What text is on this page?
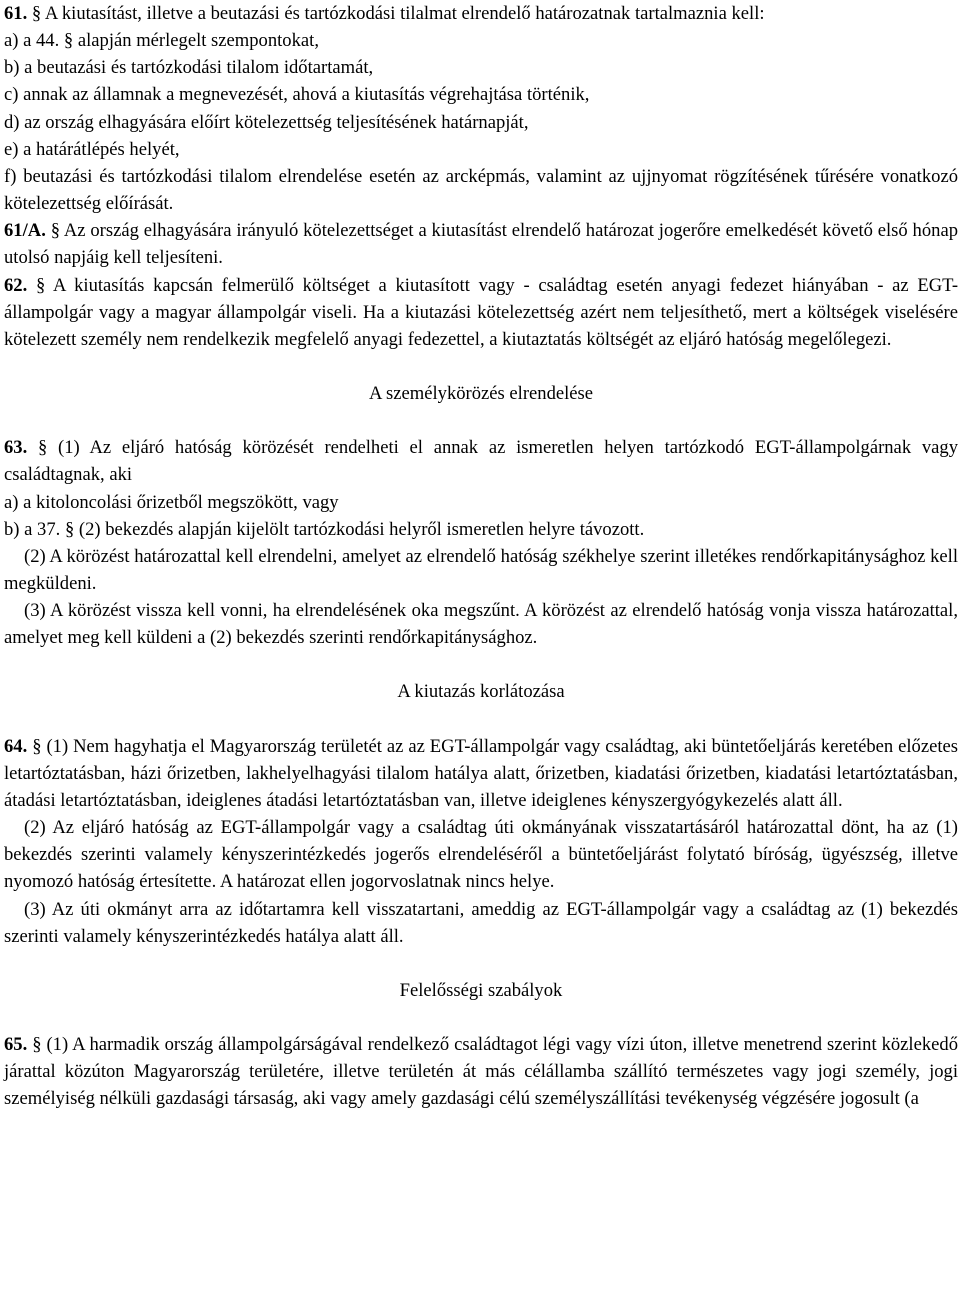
61. § A kiutasítást, illetve a beutazási és tartózkodási tilalmat elrendelő határozatnak tartalmaznia kell:

a) a 44. § alapján mérlegelt szempontokat,

b) a beutazási és tartózkodási tilalom időtartamát,

c) annak az államnak a megnevezését, ahová a kiutasítás végrehajtása történik,

d) az ország elhagyására előírt kötelezettség teljesítésének határnapját,

e) a határátlépés helyét,

f) beutazási és tartózkodási tilalom elrendelése esetén az arcképmás, valamint az ujjnyomat rögzítésének tűrésére vonatkozó kötelezettség előírását.

61/A. § Az ország elhagyására irányuló kötelezettséget a kiutasítást elrendelő határozat jogerőre emelkedését követő első hónap utolsó napjáig kell teljesíteni.

62. § A kiutasítás kapcsán felmerülő költséget a kiutasított vagy - családtag esetén anyagi fedezet hiányában - az EGT-állampolgár vagy a magyar állampolgár viseli. Ha a kiutazási kötelezettség azért nem teljesíthető, mert a költségek viselésére kötelezett személy nem rendelkezik megfelelő anyagi fedezettel, a kiutaztatás költségét az eljáró hatóság megelőlegezi.

A személykörözés elrendelése

63. § (1) Az eljáró hatóság körözését rendelheti el annak az ismeretlen helyen tartózkodó EGT-állampolgárnak vagy családtagnak, aki

a) a kitoloncolási őrizetből megszökött, vagy

b) a 37. § (2) bekezdés alapján kijelölt tartózkodási helyről ismeretlen helyre távozott.

(2) A körözést határozattal kell elrendelni, amelyet az elrendelő hatóság székhelye szerint illetékes rendőrkapitánysághoz kell megküldeni.

(3) A körözést vissza kell vonni, ha elrendelésének oka megszűnt. A körözést az elrendelő hatóság vonja vissza határozattal, amelyet meg kell küldeni a (2) bekezdés szerinti rendőrkapitánysághoz.

A kiutazás korlátozása

64. § (1) Nem hagyhatja el Magyarország területét az az EGT-állampolgár vagy családtag, aki büntetőeljárás keretében előzetes letartóztatásban, házi őrizetben, lakhelyelhagyási tilalom hatálya alatt, őrizetben, kiadatási őrizetben, kiadatási letartóztatásban, átadási letartóztatásban, ideiglenes átadási letartóztatásban van, illetve ideiglenes kényszergyógykezelés alatt áll.

(2) Az eljáró hatóság az EGT-állampolgár vagy a családtag úti okmányának visszatartásáról határozattal dönt, ha az (1) bekezdés szerinti valamely kényszerintézkedés jogerős elrendeléséről a büntetőeljárást folytató bíróság, ügyészség, illetve nyomozó hatóság értesítette. A határozat ellen jogorvoslatnak nincs helye.

(3) Az úti okmányt arra az időtartamra kell visszatartani, ameddig az EGT-állampolgár vagy a családtag az (1) bekezdés szerinti valamely kényszerintézkedés hatálya alatt áll.

Felelősségi szabályok

65. § (1) A harmadik ország állampolgárságával rendelkező családtagot légi vagy vízi úton, illetve menetrend szerint közlekedő járattal közúton Magyarország területére, illetve területén át más célállamba szállító természetes vagy jogi személy, jogi személyiség nélküli gazdasági társaság, aki vagy amely gazdasági célú személyszállítási tevékenység végzésére jogosult (a
